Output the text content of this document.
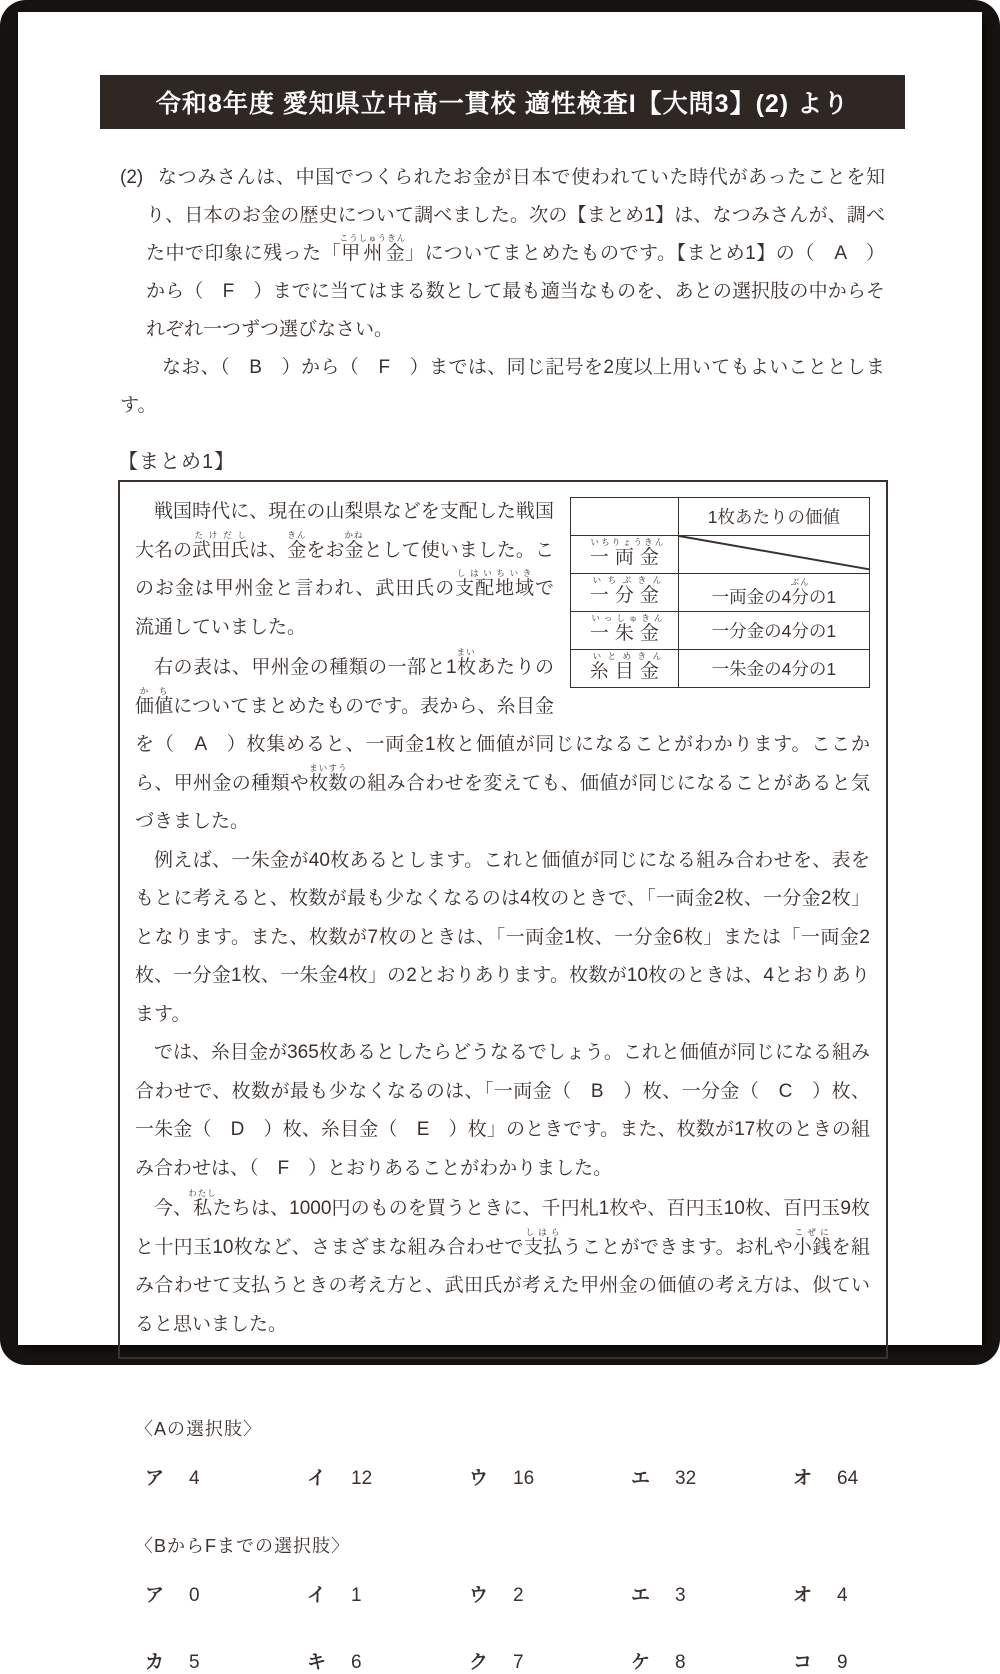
令和8年度 愛知県立中高一貫校 適性検査I【大問3】(2) より

(2) なつみさんは、中国でつくられたお金が日本で使われていた時代があったことを知り、日本のお金の歴史について調べました。次の【まとめ1】は、なつみさんが、調べた中で印象に残った「甲州金こうしゅうきん」についてまとめたものです。【まとめ1】の（　A　）から（　F　）までに当てはまる数として最も適当なものを、あとの選択肢の中からそれぞれ一つずつ選びなさい。

なお、（　B　）から（　F　）までは、同じ記号を2度以上用いてもよいこととします。

【まとめ1】
	1枚あたりの価値
一両金いちりょうきん	

一分金いちぶきん	一両金の4分ぶんの1
一朱金いっしゅきん	一分金の4分の1
糸目金いとめきん	一朱金の4分の1

戦国時代に、現在の山梨県などを支配した戦国大名の武田氏たけだしは、金きんをお金かねとして使いました。このお金は甲州金と言われ、武田氏の支配地域しはいちいきで流通していました。

右の表は、甲州金の種類の一部と1枚まいあたりの価か値ちについてまとめたものです。表から、糸目金を（　A　）枚集めると、一両金1枚と価値が同じになることがわかります。ここから、甲州金の種類や枚数まいすうの組み合わせを変えても、価値が同じになることがあると気づきました。

例えば、一朱金が40枚あるとします。これと価値が同じになる組み合わせを、表をもとに考えると、枚数が最も少なくなるのは4枚のときで、「一両金2枚、一分金2枚」となります。また、枚数が7枚のときは、「一両金1枚、一分金6枚」または「一両金2枚、一分金1枚、一朱金4枚」の2とおりあります。枚数が10枚のときは、4とおりあります。

では、糸目金が365枚あるとしたらどうなるでしょう。これと価値が同じになる組み合わせで、枚数が最も少なくなるのは、「一両金（　B　）枚、一分金（　C　）枚、一朱金（　D　）枚、糸目金（　E　）枚」のときです。また、枚数が17枚のときの組み合わせは、（　F　）とおりあることがわかりました。

今、私わたしたちは、1000円のものを買うときに、千円札1枚や、百円玉10枚、百円玉9枚と十円玉10枚など、さまざまな組み合わせで支払しはらうことができます。お札や小銭こぜにを組み合わせて支払うときの考え方と、武田氏が考えた甲州金の価値の考え方は、似ていると思いました。

〈Aの選択肢〉
ア 4	イ 12	ウ 16	エ 32	オ 64
〈BからFまでの選択肢〉
ア 0	イ 1	ウ 2	エ 3	オ 4
カ 5	キ 6	ク 7	ケ 8	コ 9
